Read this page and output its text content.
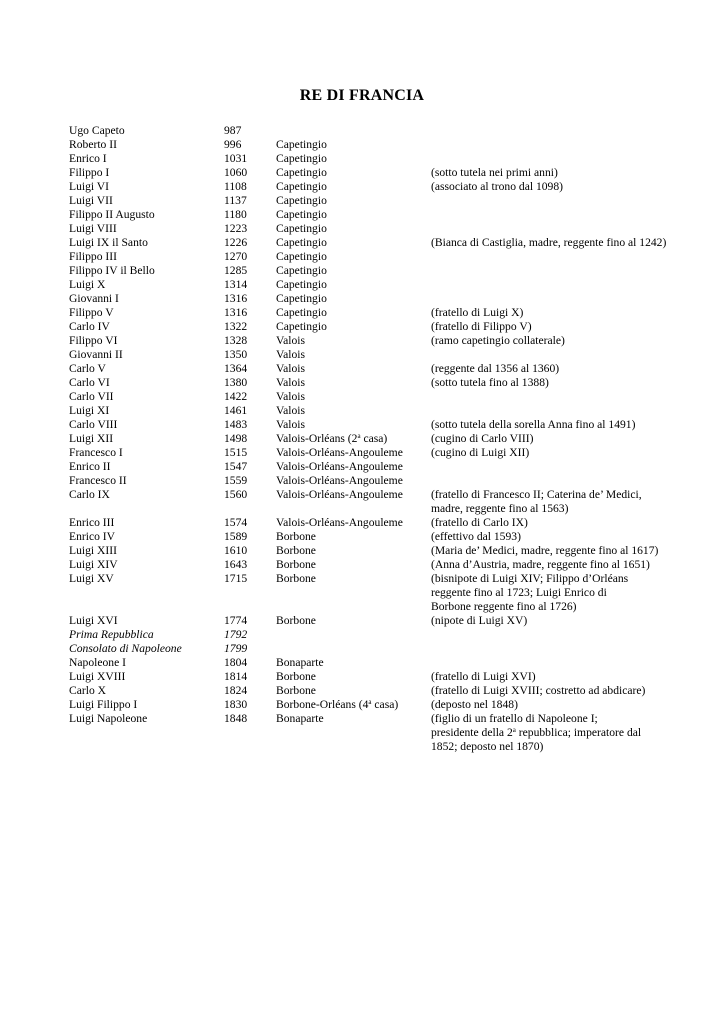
RE DI FRANCIA
Ugo Capeto	987
Roberto II	996	Capetingio
Enrico I	1031 Capetingio
Filippo I	1060 Capetingio	(sotto tutela nei primi anni)
Luigi VI	1108	Capetingio	(associato al trono dal 1098)
Luigi VII	1137	Capetingio
Filippo II Augusto	1180	Capetingio
Luigi VIII	1223 Capetingio
Luigi IX il Santo	1226 Capetingio	(Bianca di Castiglia, madre, reggente fino al 1242)
Filippo III	1270 Capetingio
Filippo IV il Bello	1285 Capetingio
Luigi X	1314 Capetingio
Giovanni I	1316 Capetingio
Filippo V	1316 Capetingio	(fratello di Luigi X)
Carlo IV	1322 Capetingio	(fratello di Filippo V)
Filippo VI	1328 Valois	(ramo capetingio collaterale)
Giovanni II	1350 Valois
Carlo V	1364 Valois	(reggente dal 1356 al 1360)
Carlo VI	1380 Valois	(sotto tutela fino al 1388)
Carlo VII	1422 Valois
Luigi XI	1461 Valois
Carlo VIII	1483 Valois	(sotto tutela della sorella Anna fino al 1491)
Luigi XII	1498 Valois-Orléans (2$^a$ casa)	(cugino di Carlo VIII)
Francesco I	1515 Valois-Orléans-Angouleme (cugino di Luigi XII)
Enrico II	1547 Valois-Orléans-Angouleme
Francesco II	1559 Valois-Orléans-Angouleme
Carlo IX	1560 Valois-Orléans-Angouleme (fratello di Francesco II; Caterina de’ Medici,
madre, reggente fino al 1563)
Enrico III	1574 Valois-Orléans-Angouleme (fratello di Carlo IX)
Enrico IV	1589 Borbone	(effettivo dal 1593)
Luigi XIII	1610 Borbone	(Maria de’ Medici, madre, reggente fino al 1617)
Luigi XIV	1643 Borbone	(Anna d’Austria, madre, reggente fino al 1651)
Luigi XV	1715 Borbone	(bisnipote di Luigi XIV; Filippo d’Orléans
reggente fino al 1723; Luigi Enrico di
Borbone reggente fino al 1726)
Luigi XVI	1774 Borbone	(nipote di Luigi XV)
Prima Repubblica	1792
Consolato di Napoleone	1799
Napoleone I	1804 Bonaparte
Luigi XVIII	1814 Borbone	(fratello di Luigi XVI)
Carlo X	1824 Borbone	(fratello di Luigi XVIII; costretto ad abdicare)
Luigi Filippo I	1830 Borbone-Orléans (4$^a$ casa)	(deposto nel 1848)
Luigi Napoleone	1848 Bonaparte	(figlio di un fratello di Napoleone I;
presidente della 2$^a$ repubblica; imperatore dal
1852; deposto nel 1870)
